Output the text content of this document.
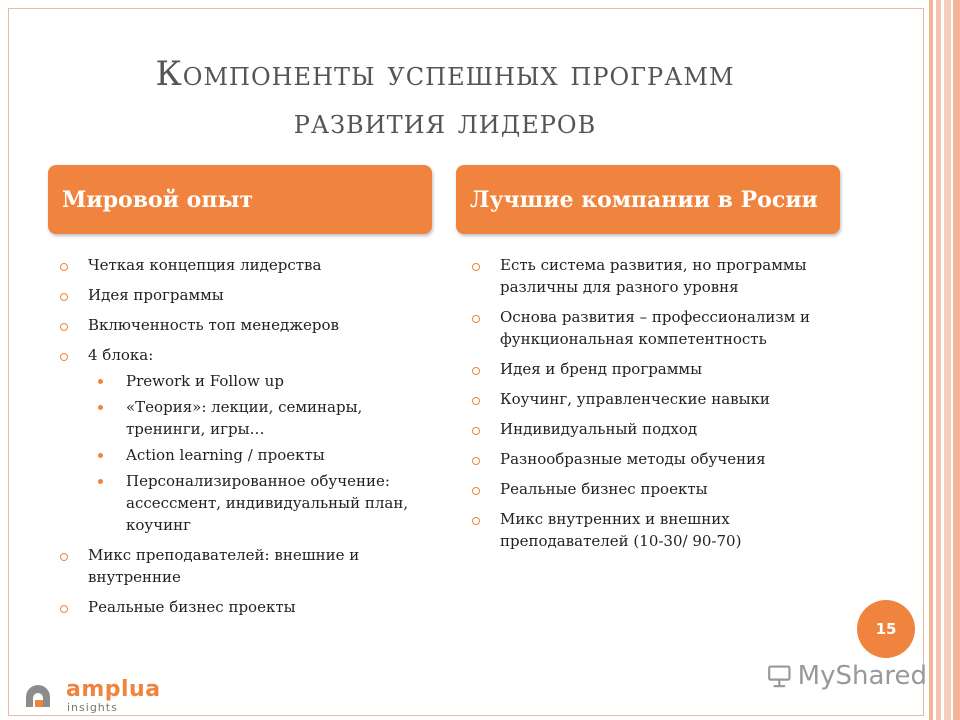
Компоненты успешных программ
развития лидеров
Мировой опыт	Лучшие компании в Росии
Четкая концепция лидерства
Идея программы
Включенность топ менеджеров
4 блока:
Prework и Follow up
«Теория»: лекции, семинары, тренинги, игры…
Action learning / проекты
Персонализированное обучение: ассессмент, индивидуальный план, коучинг
Микс преподавателей: внешние и внутренние
Реальные бизнес проекты
Есть система развития, но программы различны для разного уровня
Основа развития – профессионализм и функциональная компетентность
Идея и бренд программы
Коучинг, управленческие навыки
Индивидуальный подход
Разнообразные методы обучения
Реальные бизнес проекты
Микс внутренних и внешних преподавателей (10-30/ 90-70)
15
amplua
insights
MyShared
